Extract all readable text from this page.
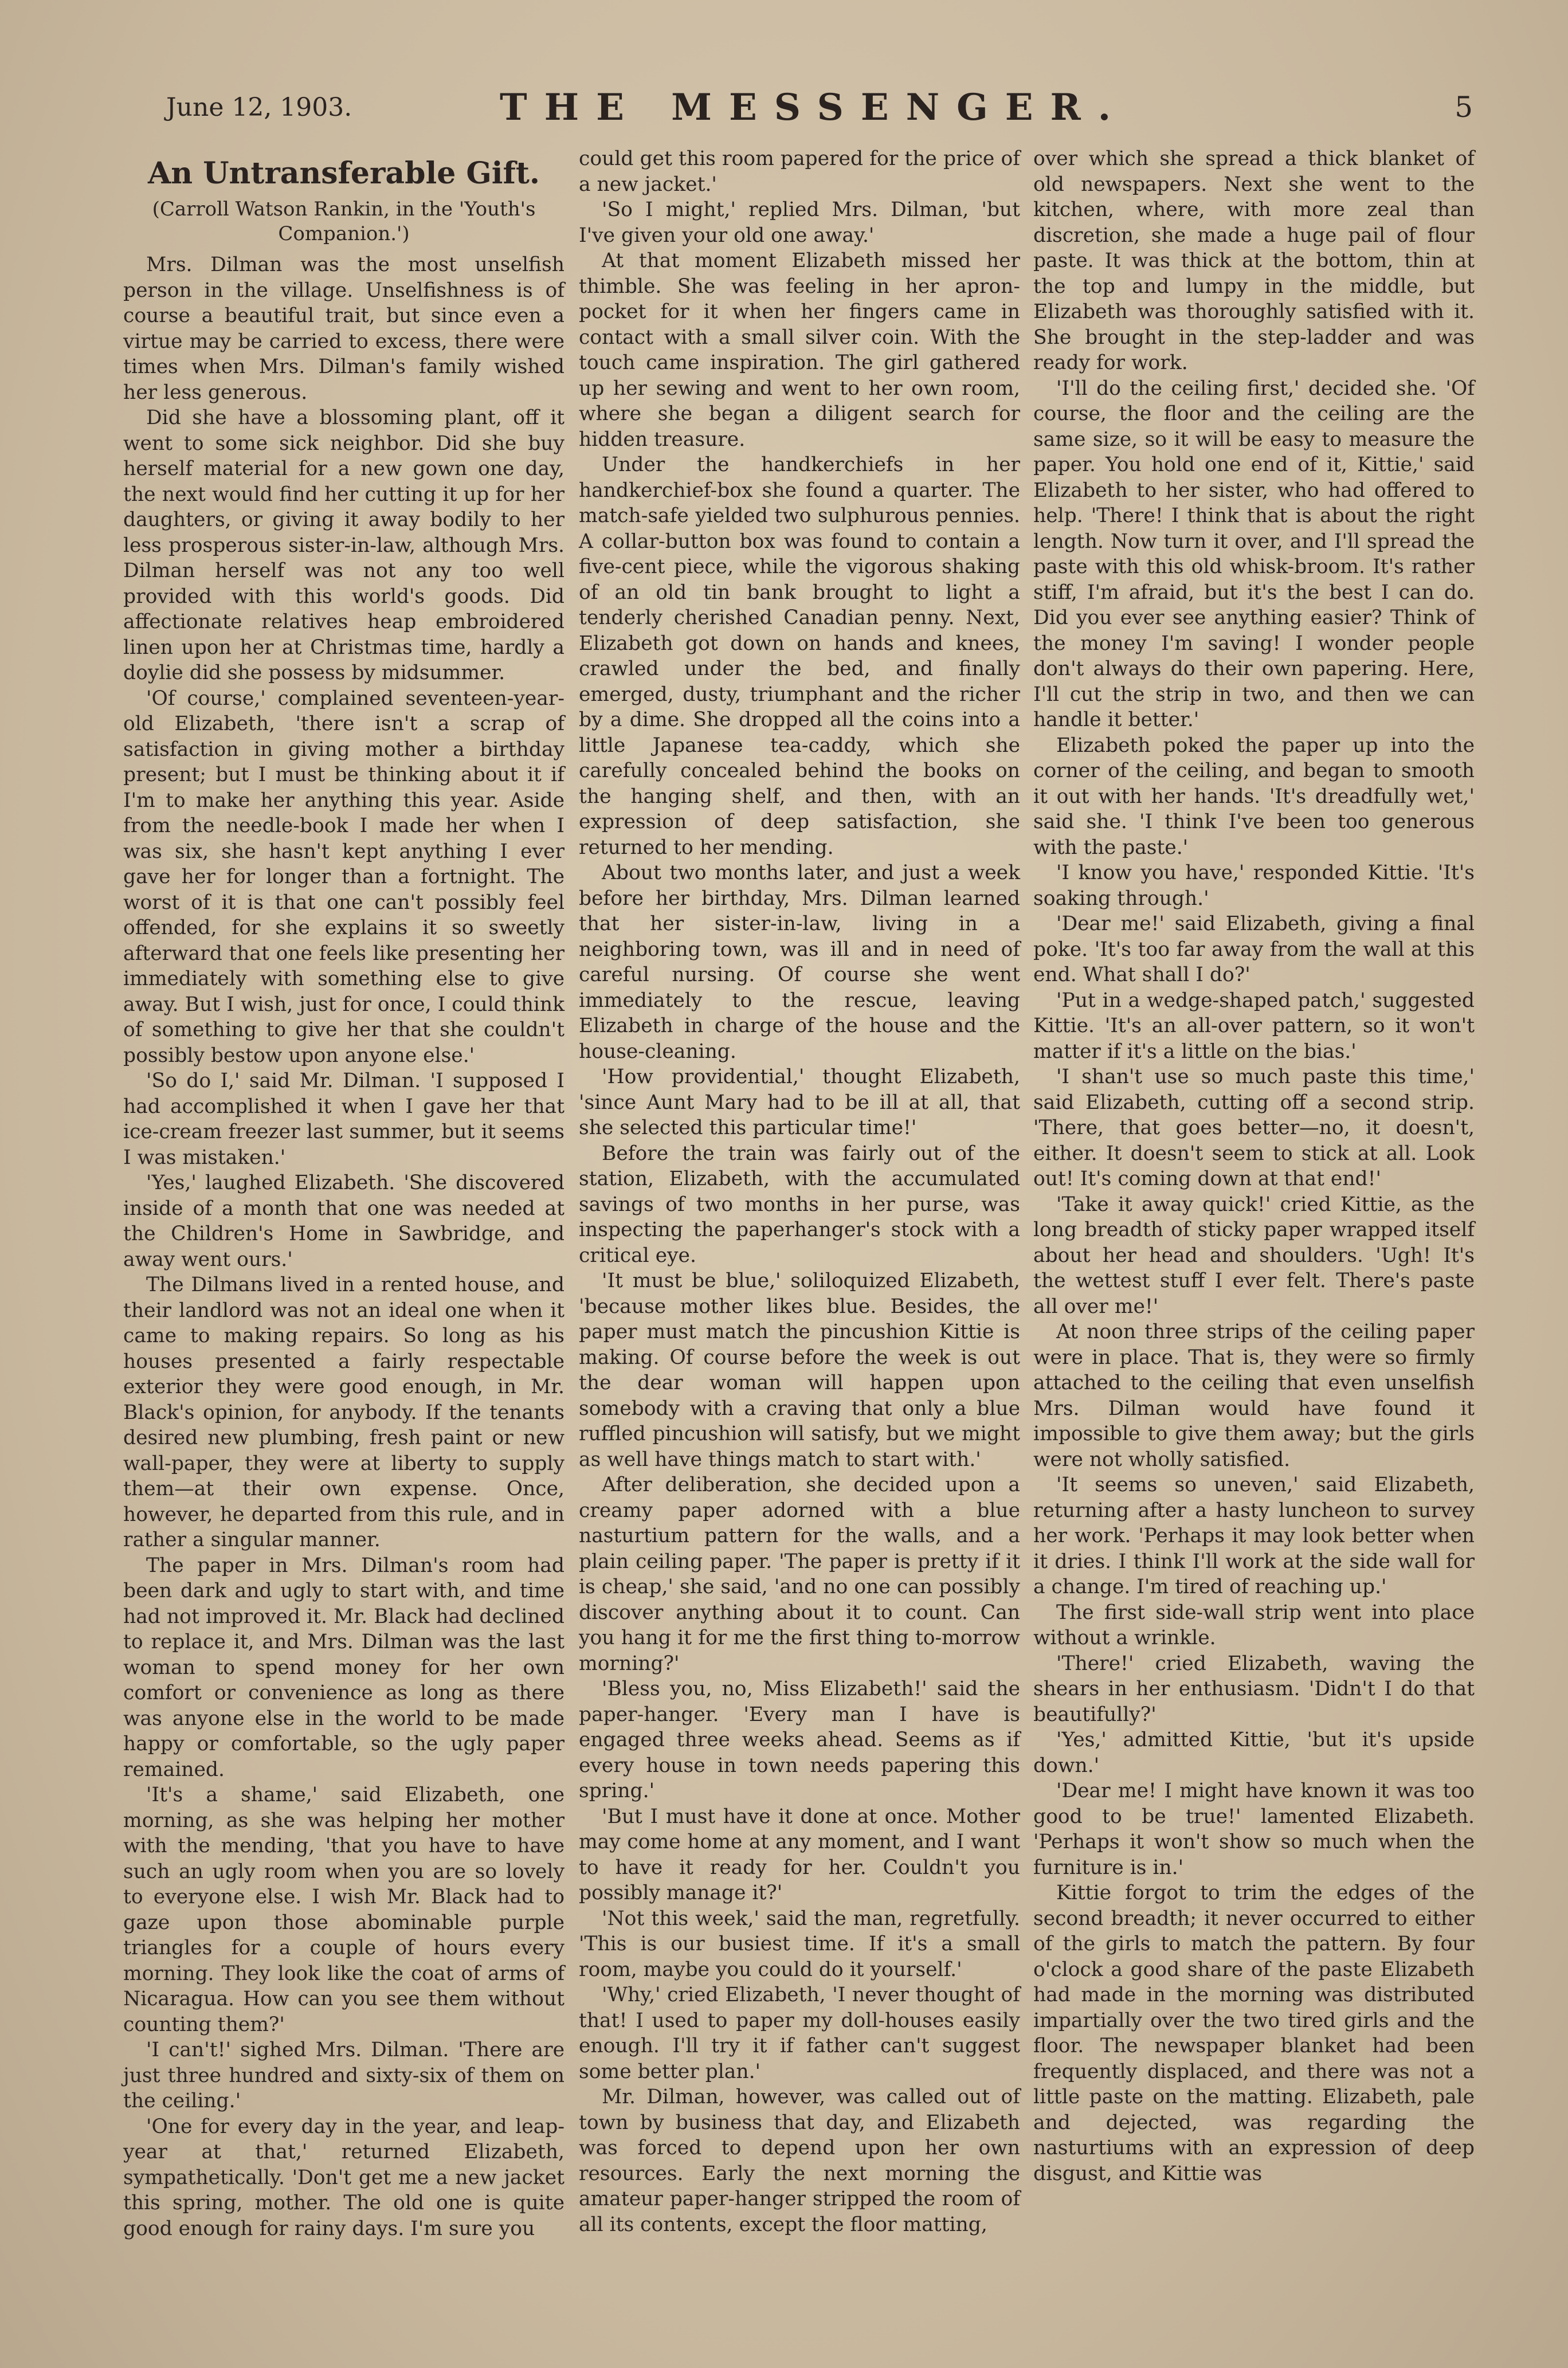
June 12, 1903.	THE MESSENGER.	5
An Untransferable Gift.
(Carroll Watson Rankin, in the 'Youth's Companion.')

Mrs. Dilman was the most unselfish person in the village. Unselfishness is of course a beautiful trait, but since even a virtue may be carried to excess, there were times when Mrs. Dilman's family wished her less generous.

Did she have a blossoming plant, off it went to some sick neighbor. Did she buy herself material for a new gown one day, the next would find her cutting it up for her daughters, or giving it away bodily to her less prosperous sister-in-law, although Mrs. Dilman herself was not any too well provided with this world's goods. Did affectionate relatives heap embroidered linen upon her at Christmas time, hardly a doylie did she possess by midsummer.

'Of course,' complained seventeen-year-old Elizabeth, 'there isn't a scrap of satisfaction in giving mother a birthday present; but I must be thinking about it if I'm to make her anything this year. Aside from the needle-book I made her when I was six, she hasn't kept anything I ever gave her for longer than a fortnight. The worst of it is that one can't possibly feel offended, for she explains it so sweetly afterward that one feels like presenting her immediately with something else to give away. But I wish, just for once, I could think of something to give her that she couldn't possibly bestow upon anyone else.'

'So do I,' said Mr. Dilman. 'I supposed I had accomplished it when I gave her that ice-cream freezer last summer, but it seems I was mistaken.'

'Yes,' laughed Elizabeth. 'She discovered inside of a month that one was needed at the Children's Home in Sawbridge, and away went ours.'

The Dilmans lived in a rented house, and their landlord was not an ideal one when it came to making repairs. So long as his houses presented a fairly respectable exterior they were good enough, in Mr. Black's opinion, for anybody. If the tenants desired new plumbing, fresh paint or new wall-paper, they were at liberty to supply them—at their own expense. Once, however, he departed from this rule, and in rather a singular manner.

The paper in Mrs. Dilman's room had been dark and ugly to start with, and time had not improved it. Mr. Black had declined to replace it, and Mrs. Dilman was the last woman to spend money for her own comfort or convenience as long as there was anyone else in the world to be made happy or comfortable, so the ugly paper remained.

'It's a shame,' said Elizabeth, one morning, as she was helping her mother with the mending, 'that you have to have such an ugly room when you are so lovely to everyone else. I wish Mr. Black had to gaze upon those abominable purple triangles for a couple of hours every morning. They look like the coat of arms of Nicaragua. How can you see them without counting them?'

'I can't!' sighed Mrs. Dilman. 'There are just three hundred and sixty-six of them on the ceiling.'

'One for every day in the year, and leap-year at that,' returned Elizabeth, sympathetically. 'Don't get me a new jacket this spring, mother. The old one is quite good enough for rainy days. I'm sure you

could get this room papered for the price of a new jacket.'

'So I might,' replied Mrs. Dilman, 'but I've given your old one away.'

At that moment Elizabeth missed her thimble. She was feeling in her apron-pocket for it when her fingers came in contact with a small silver coin. With the touch came inspiration. The girl gathered up her sewing and went to her own room, where she began a diligent search for hidden treasure.

Under the handkerchiefs in her handkerchief-box she found a quarter. The match-safe yielded two sulphurous pennies. A collar-button box was found to contain a five-cent piece, while the vigorous shaking of an old tin bank brought to light a tenderly cherished Canadian penny. Next, Elizabeth got down on hands and knees, crawled under the bed, and finally emerged, dusty, triumphant and the richer by a dime. She dropped all the coins into a little Japanese tea-caddy, which she carefully concealed behind the books on the hanging shelf, and then, with an expression of deep satisfaction, she returned to her mending.

About two months later, and just a week before her birthday, Mrs. Dilman learned that her sister-in-law, living in a neighboring town, was ill and in need of careful nursing. Of course she went immediately to the rescue, leaving Elizabeth in charge of the house and the house-cleaning.

'How providential,' thought Elizabeth, 'since Aunt Mary had to be ill at all, that she selected this particular time!'

Before the train was fairly out of the station, Elizabeth, with the accumulated savings of two months in her purse, was inspecting the paperhanger's stock with a critical eye.

'It must be blue,' soliloquized Elizabeth, 'because mother likes blue. Besides, the paper must match the pincushion Kittie is making. Of course before the week is out the dear woman will happen upon somebody with a craving that only a blue ruffled pincushion will satisfy, but we might as well have things match to start with.'

After deliberation, she decided upon a creamy paper adorned with a blue nasturtium pattern for the walls, and a plain ceiling paper. 'The paper is pretty if it is cheap,' she said, 'and no one can possibly discover anything about it to count. Can you hang it for me the first thing to-morrow morning?'

'Bless you, no, Miss Elizabeth!' said the paper-hanger. 'Every man I have is engaged three weeks ahead. Seems as if every house in town needs papering this spring.'

'But I must have it done at once. Mother may come home at any moment, and I want to have it ready for her. Couldn't you possibly manage it?'

'Not this week,' said the man, regretfully. 'This is our busiest time. If it's a small room, maybe you could do it yourself.'

'Why,' cried Elizabeth, 'I never thought of that! I used to paper my doll-houses easily enough. I'll try it if father can't suggest some better plan.'

Mr. Dilman, however, was called out of town by business that day, and Elizabeth was forced to depend upon her own resources. Early the next morning the amateur paper-hanger stripped the room of all its contents, except the floor matting,

over which she spread a thick blanket of old newspapers. Next she went to the kitchen, where, with more zeal than discretion, she made a huge pail of flour paste. It was thick at the bottom, thin at the top and lumpy in the middle, but Elizabeth was thoroughly satisfied with it. She brought in the step-ladder and was ready for work.

'I'll do the ceiling first,' decided she. 'Of course, the floor and the ceiling are the same size, so it will be easy to measure the paper. You hold one end of it, Kittie,' said Elizabeth to her sister, who had offered to help. 'There! I think that is about the right length. Now turn it over, and I'll spread the paste with this old whisk-broom. It's rather stiff, I'm afraid, but it's the best I can do. Did you ever see anything easier? Think of the money I'm saving! I wonder people don't always do their own papering. Here, I'll cut the strip in two, and then we can handle it better.'

Elizabeth poked the paper up into the corner of the ceiling, and began to smooth it out with her hands. 'It's dreadfully wet,' said she. 'I think I've been too generous with the paste.'

'I know you have,' responded Kittie. 'It's soaking through.'

'Dear me!' said Elizabeth, giving a final poke. 'It's too far away from the wall at this end. What shall I do?'

'Put in a wedge-shaped patch,' suggested Kittie. 'It's an all-over pattern, so it won't matter if it's a little on the bias.'

'I shan't use so much paste this time,' said Elizabeth, cutting off a second strip. 'There, that goes better—no, it doesn't, either. It doesn't seem to stick at all. Look out! It's coming down at that end!'

'Take it away quick!' cried Kittie, as the long breadth of sticky paper wrapped itself about her head and shoulders. 'Ugh! It's the wettest stuff I ever felt. There's paste all over me!'

At noon three strips of the ceiling paper were in place. That is, they were so firmly attached to the ceiling that even unselfish Mrs. Dilman would have found it impossible to give them away; but the girls were not wholly satisfied.

'It seems so uneven,' said Elizabeth, returning after a hasty luncheon to survey her work. 'Perhaps it may look better when it dries. I think I'll work at the side wall for a change. I'm tired of reaching up.'

The first side-wall strip went into place without a wrinkle.

'There!' cried Elizabeth, waving the shears in her enthusiasm. 'Didn't I do that beautifully?'

'Yes,' admitted Kittie, 'but it's upside down.'

'Dear me! I might have known it was too good to be true!' lamented Elizabeth. 'Perhaps it won't show so much when the furniture is in.'

Kittie forgot to trim the edges of the second breadth; it never occurred to either of the girls to match the pattern. By four o'clock a good share of the paste Elizabeth had made in the morning was distributed impartially over the two tired girls and the floor. The newspaper blanket had been frequently displaced, and there was not a little paste on the matting. Elizabeth, pale and dejected, was regarding the nasturtiums with an expression of deep disgust, and Kittie was
